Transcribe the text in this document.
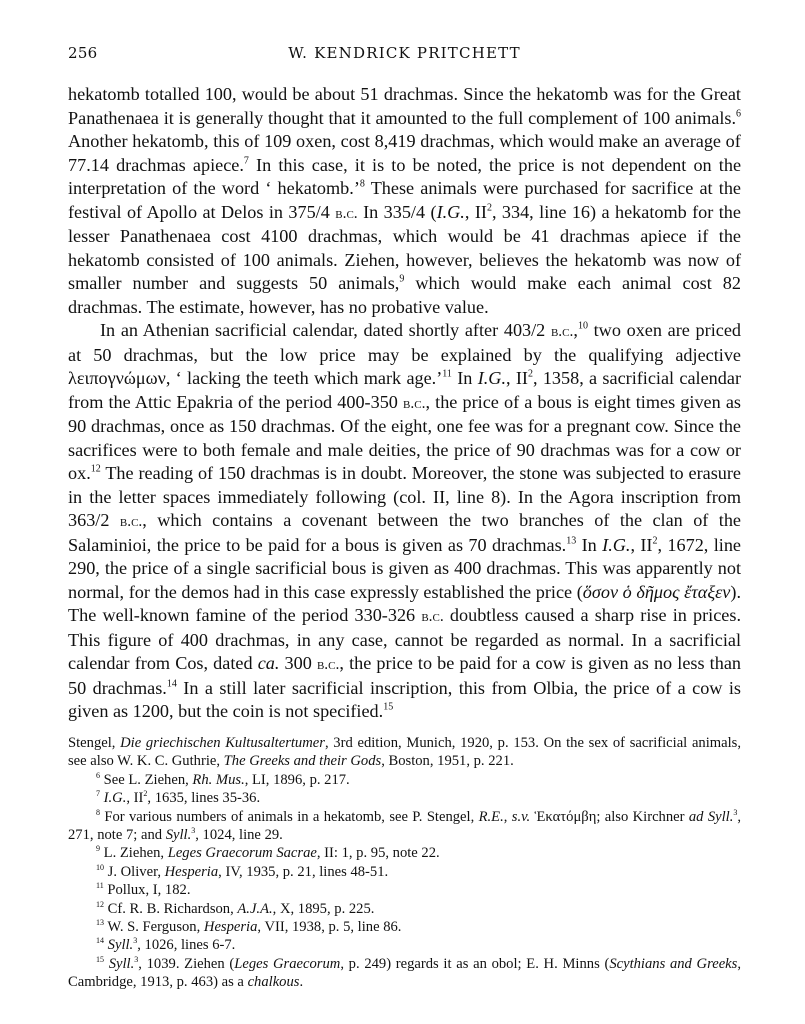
256	W. KENDRICK PRITCHETT

hekatomb totalled 100, would be about 51 drachmas. Since the hekatomb was for the Great Panathenaea it is generally thought that it amounted to the full complement of 100 animals.$^6$ Another hekatomb, this of 109 oxen, cost 8,419 drachmas, which would make an average of 77.14 drachmas apiece.$^7$ In this case, it is to be noted, the price is not dependent on the interpretation of the word ‘ hekatomb.’$^8$ These animals were purchased for sacrifice at the festival of Apollo at Delos in 375/4 b.c. In 335/4 (I.G., $II^2$, 334, line 16) a hekatomb for the lesser Panathenaea cost 4100 drachmas, which would be 41 drachmas apiece if the hekatomb consisted of 100 animals. Ziehen, however, believes the hekatomb was now of smaller number and suggests 50 animals,$^9$ which would make each animal cost 82 drachmas. The estimate, however, has no probative value.

In an Athenian sacrificial calendar, dated shortly after 403/2 b.c.,$^{10}$ two oxen are priced at 50 drachmas, but the low price may be explained by the qualifying adjective λειπογνώμων, ‘ lacking the teeth which mark age.’$^{11}$ In I.G., $II^2$, 1358, a sacrificial calendar from the Attic Epakria of the period 400-350 b.c., the price of a bous is eight times given as 90 drachmas, once as 150 drachmas. Of the eight, one fee was for a pregnant cow. Since the sacrifices were to both female and male deities, the price of 90 drachmas was for a cow or ox.$^{12}$ The reading of 150 drachmas is in doubt. Moreover, the stone was subjected to erasure in the letter spaces immediately following (col. II, line 8). In the Agora inscription from 363/2 b.c., which contains a covenant between the two branches of the clan of the Salaminioi, the price to be paid for a bous is given as 70 drachmas.$^{13}$ In I.G., $II^2$, 1672, line 290, the price of a single sacrificial bous is given as 400 drachmas. This was apparently not normal, for the demos had in this case expressly established the price (ὅσον ὁ δῆμος ἔταξεν). The well-known famine of the period 330-326 b.c. doubtless caused a sharp rise in prices. This figure of 400 drachmas, in any case, cannot be regarded as normal. In a sacrificial calendar from Cos, dated ca. 300 b.c., the price to be paid for a cow is given as no less than 50 drachmas.$^{14}$ In a still later sacrificial inscription, this from Olbia, the price of a cow is given as 1200, but the coin is not specified.$^{15}$

Stengel, Die griechischen Kultusaltertumer, 3rd edition, Munich, 1920, p. 153. On the sex of sacrificial animals, see also W. K. C. Guthrie, The Greeks and their Gods, Boston, 1951, p. 221.

$^6$ See L. Ziehen, Rh. Mus., LI, 1896, p. 217.

$^7$ I.G., $II^2$, 1635, lines 35-36.

$^8$ For various numbers of animals in a hekatomb, see P. Stengel, R.E., s.v. Ἑκατόμβη; also Kirchner ad Syll.$^3$, 271, note 7; and Syll.$^3$, 1024, line 29.

$^9$ L. Ziehen, Leges Graecorum Sacrae, II: 1, p. 95, note 22.

$^{10}$ J. Oliver, Hesperia, IV, 1935, p. 21, lines 48-51.

$^{11}$ Pollux, I, 182.

$^{12}$ Cf. R. B. Richardson, A.J.A., X, 1895, p. 225.

$^{13}$ W. S. Ferguson, Hesperia, VII, 1938, p. 5, line 86.

$^{14}$ Syll.$^3$, 1026, lines 6-7.

$^{15}$ Syll.$^3$, 1039. Ziehen (Leges Graecorum, p. 249) regards it as an obol; E. H. Minns (Scythians and Greeks, Cambridge, 1913, p. 463) as a chalkous.
